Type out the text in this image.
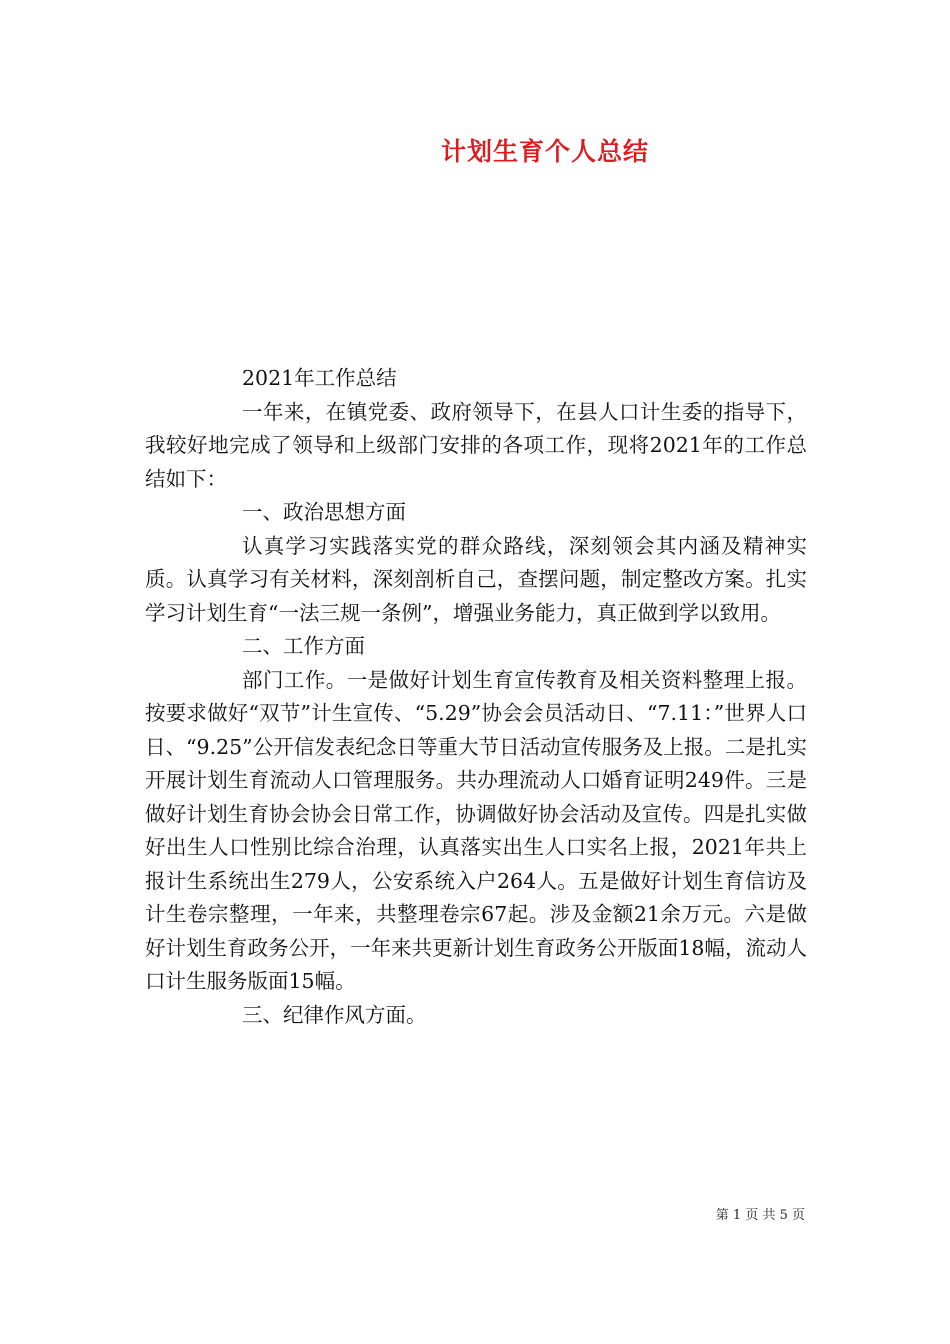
计划生育个人总结

2021年工作总结

一年来，在镇党委、政府领导下，在县人口计生委的指导下，我较好地完成了领导和上级部门安排的各项工作，现将2021年的工作总结如下：

一、政治思想方面

认真学习实践落实党的群众路线，深刻领会其内涵及精神实质。认真学习有关材料，深刻剖析自己，查摆问题，制定整改方案。扎实学习计划生育“一法三规一条例”，增强业务能力，真正做到学以致用。

二、工作方面

部门工作。一是做好计划生育宣传教育及相关资料整理上报。按要求做好“双节”计生宣传、“5.29”协会会员活动日、“7.11：”世界人口日、“9.25”公开信发表纪念日等重大节日活动宣传服务及上报。二是扎实开展计划生育流动人口管理服务。共办理流动人口婚育证明249件。三是做好计划生育协会协会日常工作，协调做好协会活动及宣传。四是扎实做好出生人口性别比综合治理，认真落实出生人口实名上报，2021年共上报计生系统出生279人，公安系统入户264人。五是做好计划生育信访及计生卷宗整理，一年来，共整理卷宗67起。涉及金额21余万元。六是做好计划生育政务公开，一年来共更新计划生育政务公开版面18幅，流动人口计生服务版面15幅。

三、纪律作风方面。

第 1 页 共 5 页
